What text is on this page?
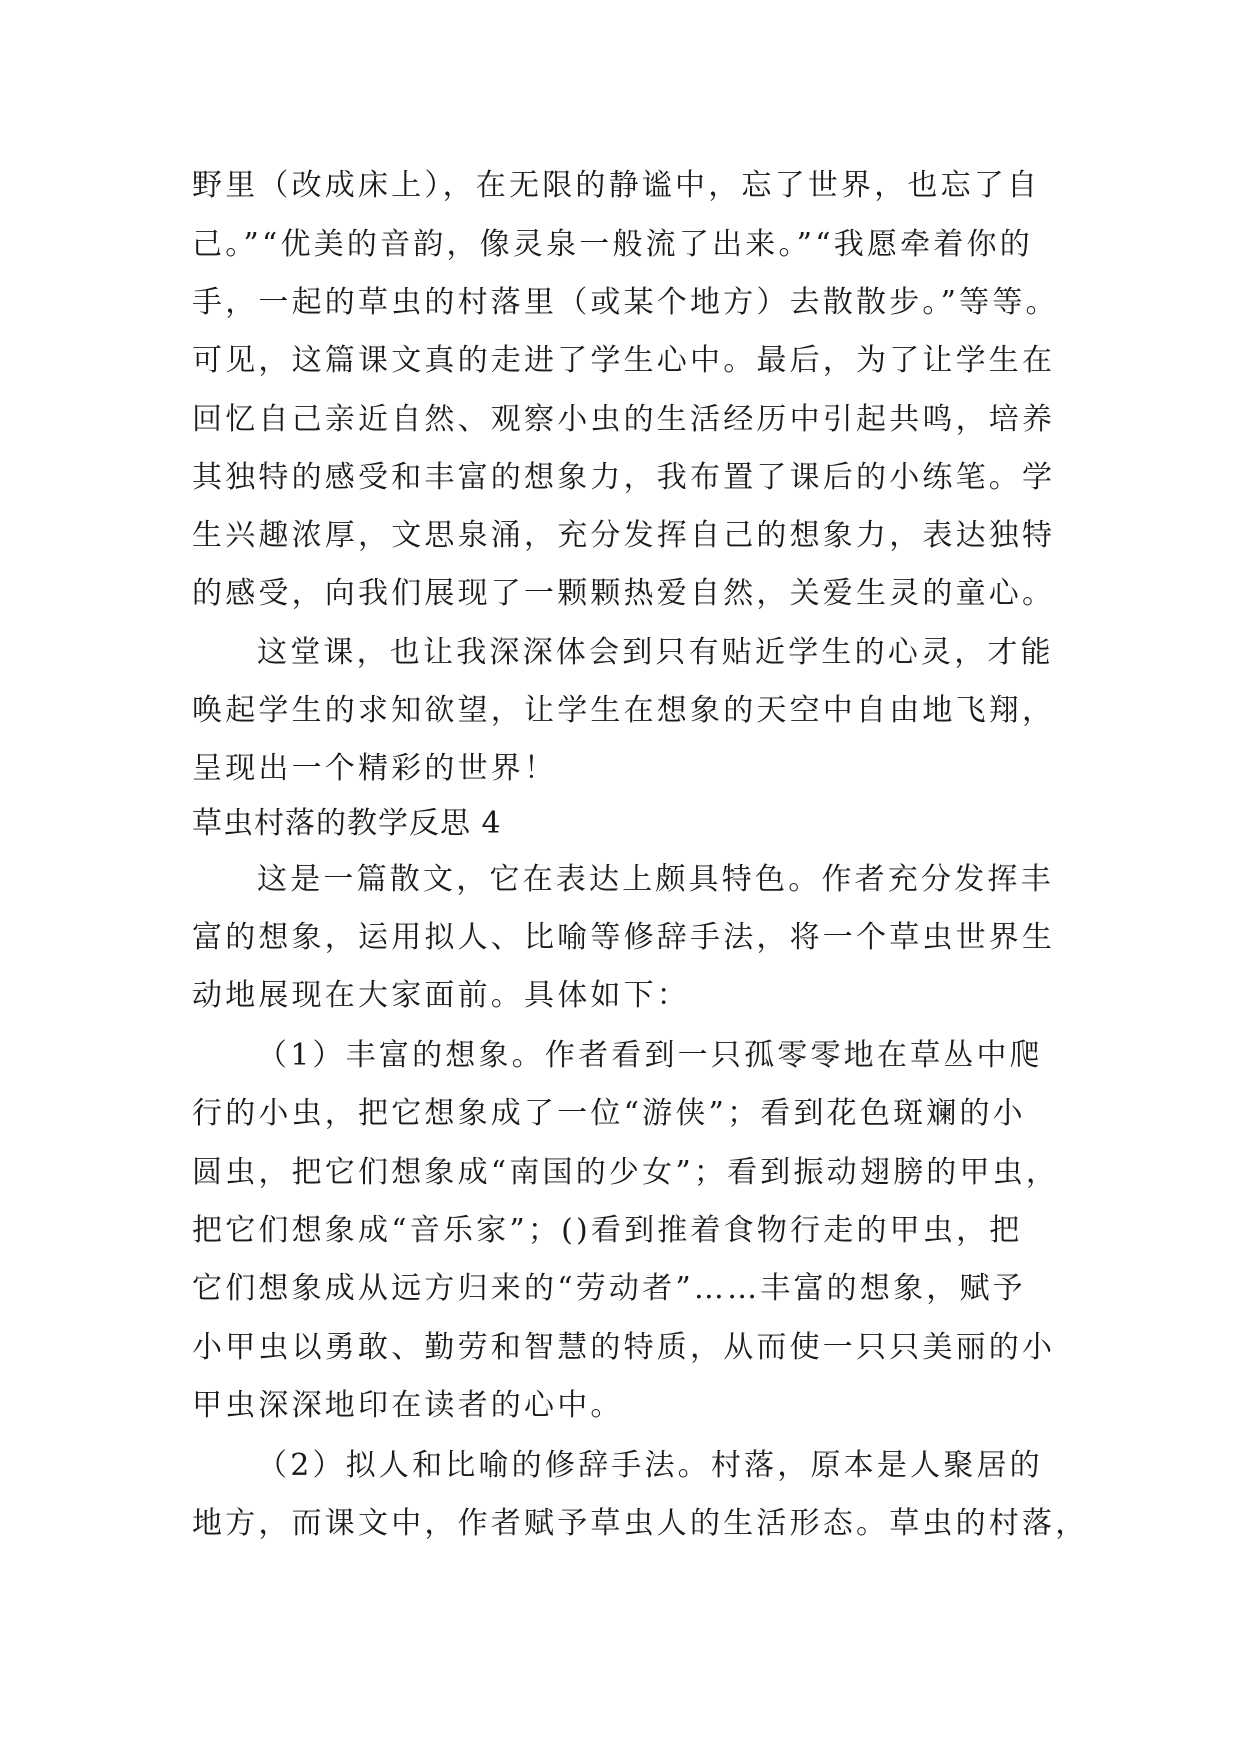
野里（改成床上），在无限的静谧中，忘了世界，也忘了自
己。”“优美的音韵，像灵泉一般流了出来。”“我愿牵着你的
手，一起的草虫的村落里（或某个地方）去散散步。”等等。
可见，这篇课文真的走进了学生心中。最后，为了让学生在
回忆自己亲近自然、观察小虫的生活经历中引起共鸣，培养
其独特的感受和丰富的想象力，我布置了课后的小练笔。学
生兴趣浓厚，文思泉涌，充分发挥自己的想象力，表达独特
的感受，向我们展现了一颗颗热爱自然，关爱生灵的童心。
这堂课，也让我深深体会到只有贴近学生的心灵，才能
唤起学生的求知欲望，让学生在想象的天空中自由地飞翔，
呈现出一个精彩的世界！
草虫村落的教学反思 4
这是一篇散文，它在表达上颇具特色。作者充分发挥丰
富的想象，运用拟人、比喻等修辞手法，将一个草虫世界生
动地展现在大家面前。具体如下：
（1）丰富的想象。作者看到一只孤零零地在草丛中爬
行的小虫，把它想象成了一位“游侠”；看到花色斑斓的小
圆虫，把它们想象成“南国的少女”；看到振动翅膀的甲虫，
把它们想象成“音乐家”；()看到推着食物行走的甲虫，把
它们想象成从远方归来的“劳动者”……丰富的想象，赋予
小甲虫以勇敢、勤劳和智慧的特质，从而使一只只美丽的小
甲虫深深地印在读者的心中。
（2）拟人和比喻的修辞手法。村落，原本是人聚居的
地方，而课文中，作者赋予草虫人的生活形态。草虫的村落，
